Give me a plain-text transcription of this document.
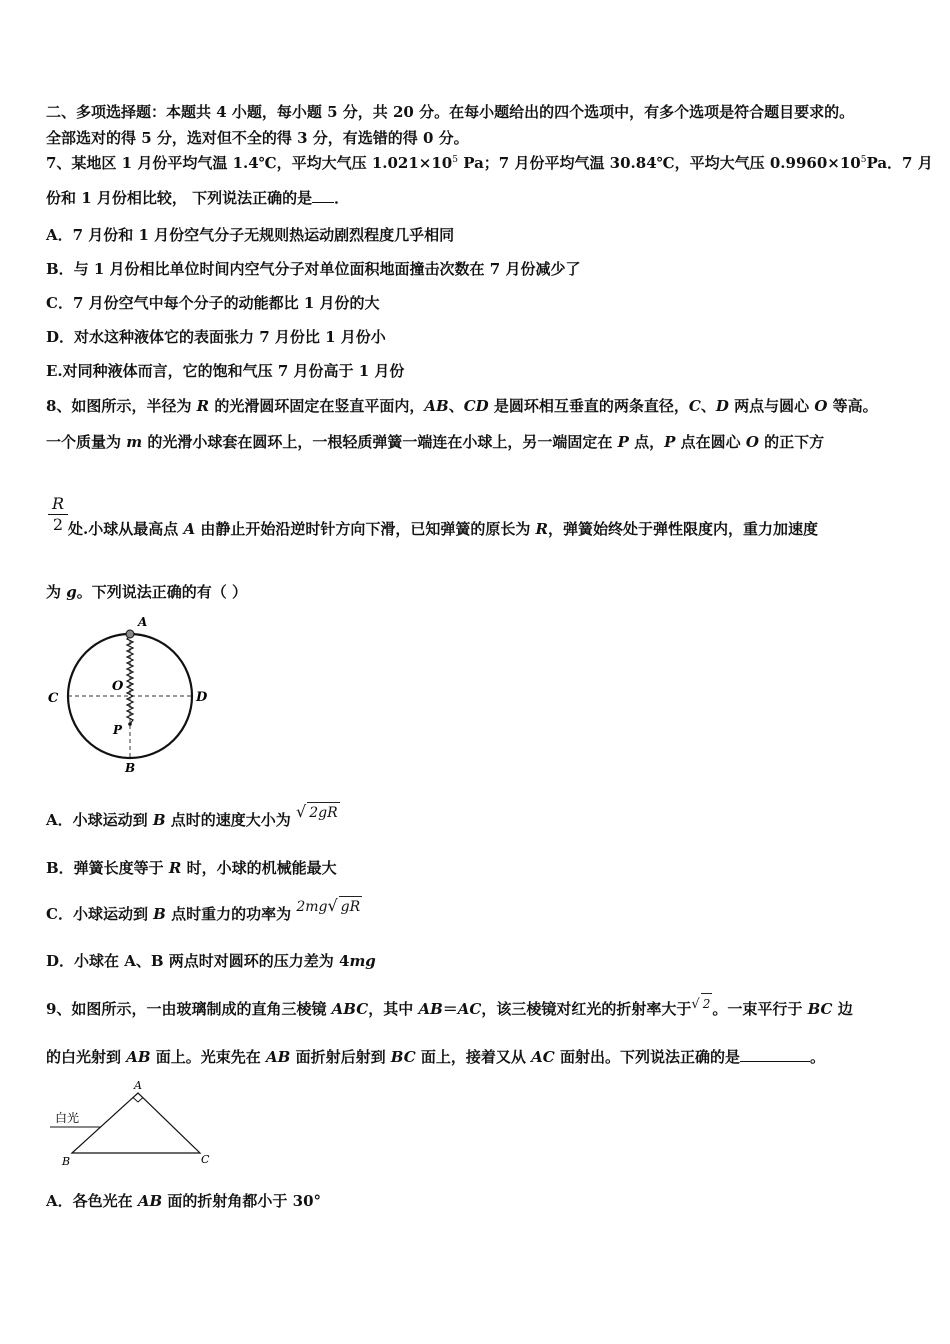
二、多项选择题：本题共 4 小题，每小题 5 分，共 20 分。在每小题给出的四个选项中，有多个选项是符合题目要求的。
全部选对的得 5 分，选对但不全的得 3 分，有选错的得 0 分。
7、某地区 1 月份平均气温 1.4℃，平均大气压 $1.021\times 10^5$ Pa；7 月份平均气温 30.84℃，平均大气压 $0.9960\times 10^5Pa$．7 月
份和 1 月份相比较， 下列说法正确的是 ．
A．7 月份和 1 月份空气分子无规则热运动剧烈程度几乎相同
B．与 1 月份相比单位时间内空气分子对单位面积地面撞击次数在 7 月份减少了
C．7 月份空气中每个分子的动能都比 1 月份的大
D．对水这种液体它的表面张力 7 月份比 1 月份小
E.对同种液体而言，它的饱和气压 7 月份高于 1 月份
8、如图所示，半径为 R 的光滑圆环固定在竖直平面内，AB、CD 是圆环相互垂直的两条直径，C、D 两点与圆心 O 等高。
一个质量为 m 的光滑小球套在圆环上，一根轻质弹簧一端连在小球上，另一端固定在 P 点，P 点在圆心 O 的正下方
$\frac{R}{2}$ 处.小球从最高点 A 由静止开始沿逆时针方向下滑，已知弹簧的原长为 R，弹簧始终处于弹性限度内，重力加速度
为 g。下列说法正确的有（ ）
A
C	D
O
P
B
A．小球运动到 B 点时的速度大小为 √ 2gR
B．弹簧长度等于 R 时，小球的机械能最大
C．小球运动到 B 点时重力的功率为 2mg√ gR
D．小球在 A、B 两点时对圆环的压力差为 4mg
9、如图所示，一由玻璃制成的直角三棱镜 ABC，其中 AB＝AC，该三棱镜对红光的折射率大于$^{√ 2}$ 。一束平行于 BC 边
的白光射到 AB 面上。光束先在 AB 面折射后射到 BC 面上，接着又从 AC 面射出。下列说法正确的是	。
白光
A
B	C
A．各色光在 AB 面的折射角都小于 30°
